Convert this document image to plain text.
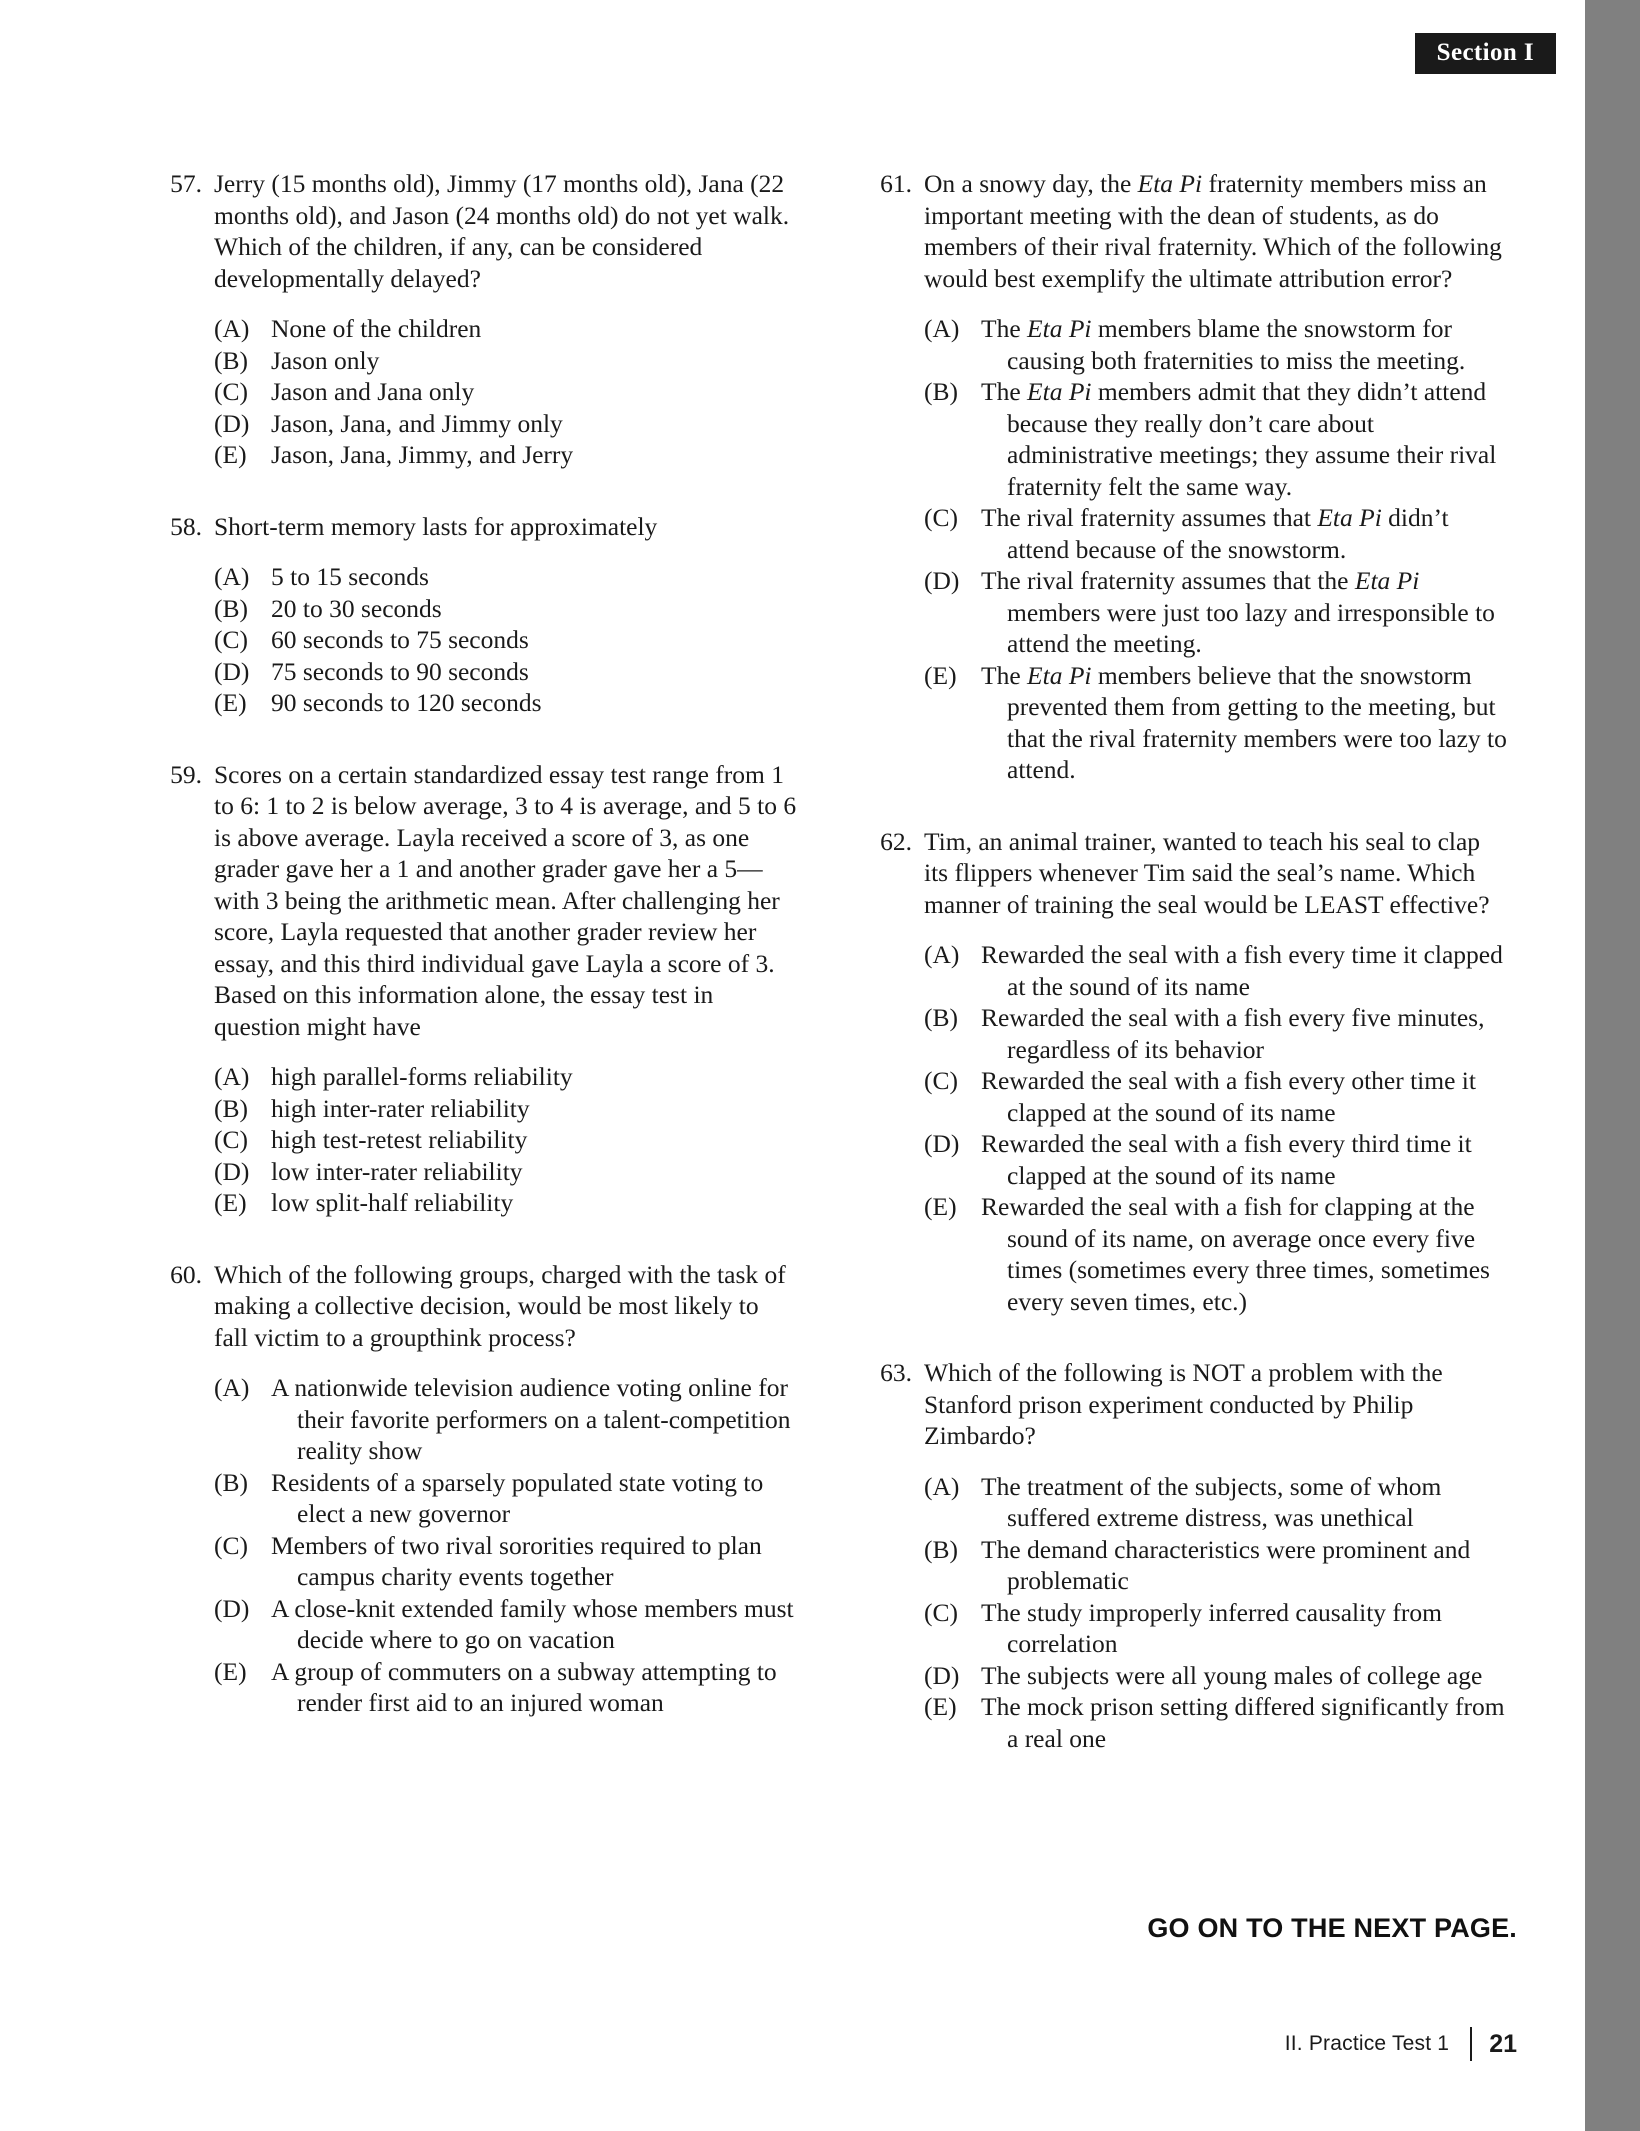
Section I
57. Jerry (15 months old), Jimmy (17 months old), Jana (22 months old), and Jason (24 months old) do not yet walk. Which of the children, if any, can be considered developmentally delayed?
(A) None of the children
(B) Jason only
(C) Jason and Jana only
(D) Jason, Jana, and Jimmy only
(E) Jason, Jana, Jimmy, and Jerry
58. Short-term memory lasts for approximately
(A) 5 to 15 seconds
(B) 20 to 30 seconds
(C) 60 seconds to 75 seconds
(D) 75 seconds to 90 seconds
(E) 90 seconds to 120 seconds
59. Scores on a certain standardized essay test range from 1 to 6: 1 to 2 is below average, 3 to 4 is average, and 5 to 6 is above average. Layla received a score of 3, as one grader gave her a 1 and another grader gave her a 5—with 3 being the arithmetic mean. After challenging her score, Layla requested that another grader review her essay, and this third individual gave Layla a score of 3. Based on this information alone, the essay test in question might have
(A) high parallel-forms reliability
(B) high inter-rater reliability
(C) high test-retest reliability
(D) low inter-rater reliability
(E) low split-half reliability
60. Which of the following groups, charged with the task of making a collective decision, would be most likely to fall victim to a groupthink process?
(A) A nationwide television audience voting online for their favorite performers on a talent-competition reality show
(B) Residents of a sparsely populated state voting to elect a new governor
(C) Members of two rival sororities required to plan campus charity events together
(D) A close-knit extended family whose members must decide where to go on vacation
(E) A group of commuters on a subway attempting to render first aid to an injured woman
61. On a snowy day, the Eta Pi fraternity members miss an important meeting with the dean of students, as do members of their rival fraternity. Which of the following would best exemplify the ultimate attribution error?
(A) The Eta Pi members blame the snowstorm for causing both fraternities to miss the meeting.
(B) The Eta Pi members admit that they didn’t attend because they really don’t care about administrative meetings; they assume their rival fraternity felt the same way.
(C) The rival fraternity assumes that Eta Pi didn’t attend because of the snowstorm.
(D) The rival fraternity assumes that the Eta Pi members were just too lazy and irresponsible to attend the meeting.
(E) The Eta Pi members believe that the snowstorm prevented them from getting to the meeting, but that the rival fraternity members were too lazy to attend.
62. Tim, an animal trainer, wanted to teach his seal to clap its flippers whenever Tim said the seal’s name. Which manner of training the seal would be LEAST effective?
(A) Rewarded the seal with a fish every time it clapped at the sound of its name
(B) Rewarded the seal with a fish every five minutes, regardless of its behavior
(C) Rewarded the seal with a fish every other time it clapped at the sound of its name
(D) Rewarded the seal with a fish every third time it clapped at the sound of its name
(E) Rewarded the seal with a fish for clapping at the sound of its name, on average once every five times (sometimes every three times, sometimes every seven times, etc.)
63. Which of the following is NOT a problem with the Stanford prison experiment conducted by Philip Zimbardo?
(A) The treatment of the subjects, some of whom suffered extreme distress, was unethical
(B) The demand characteristics were prominent and problematic
(C) The study improperly inferred causality from correlation
(D) The subjects were all young males of college age
(E) The mock prison setting differed significantly from a real one
GO ON TO THE NEXT PAGE.
II. Practice Test 1 21
